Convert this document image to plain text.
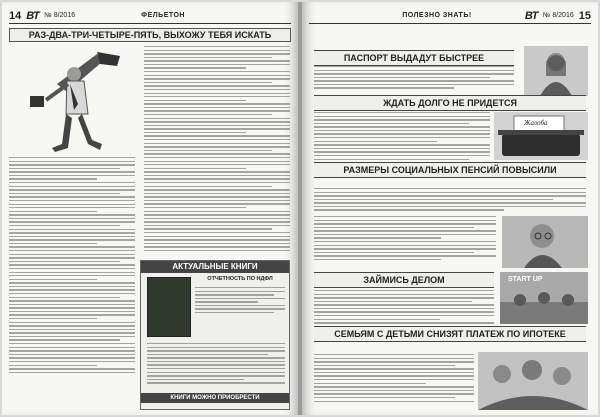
14 ВТ № 8/2016	ФЕЛЬЕТОН
РАЗ-ДВА-ТРИ-ЧЕТЫРЕ-ПЯТЬ, ВЫХОЖУ ТЕБЯ ИСКАТЬ
АКТУАЛЬНЫЕ КНИГИ
ОТЧЕТНОСТЬ ПО НДФЛ
КНИГИ МОЖНО ПРИОБРЕСТИ
ПОЛЕЗНО ЗНАТЬ!	ВТ № 8/2016 15
ПАСПОРТ ВЫДАДУТ БЫСТРЕЕ
ЖДАТЬ ДОЛГО НЕ ПРИДЕТСЯ
Жалоба
РАЗМЕРЫ СОЦИАЛЬНЫХ ПЕНСИЙ ПОВЫСИЛИ
ЗАЙМИСЬ ДЕЛОМ	START UP
СЕМЬЯМ С ДЕТЬМИ СНИЗЯТ ПЛАТЕЖ ПО ИПОТЕКЕ
